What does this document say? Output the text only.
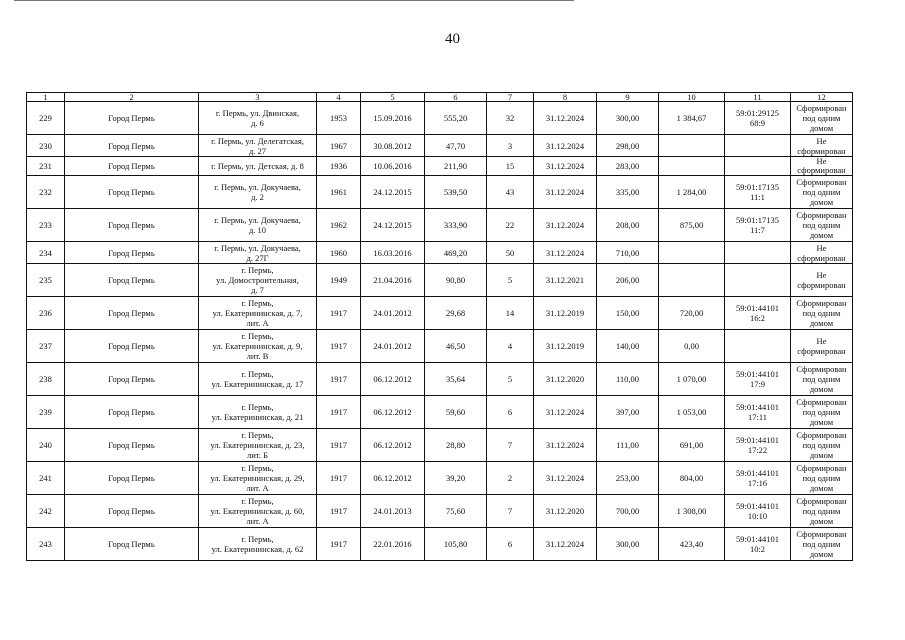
40
1	2	3	4	5	6	7	8	9	10	11	12
229	Город Пермь	г. Пермь, ул. Двинская,
д. 6	1953	15.09.2016	555,20	32	31.12.2024	300,00	1 384,67	59:01:29125
68:9	Сформирован
под одним
домом
230	Город Пермь	г. Пермь, ул. Делегатская,
д. 27	1967	30.08.2012	47,70	3	31.12.2024	298,00			Не сформирован
231	Город Пермь	г. Пермь, ул. Детская, д. 8	1936	10.06.2016	211,90	15	31.12.2024	283,00			Не сформирован
232	Город Пермь	г. Пермь, ул. Докучаева,
д. 2	1961	24.12.2015	539,50	43	31.12.2024	335,00	1 284,00	59:01:17135
11:1	Сформирован
под одним
домом
233	Город Пермь	г. Пермь, ул. Докучаева,
д. 10	1962	24.12.2015	333,90	22	31.12.2024	208,00	875,00	59:01:17135
11:7	Сформирован
под одним
домом
234	Город Пермь	г. Пермь, ул. Докучаева,
д. 27Г	1960	16.03.2016	469,20	50	31.12.2024	710,00			Не сформирован
235	Город Пермь	г. Пермь,
ул. Домостроительная,
д. 7	1949	21.04.2016	90,80	5	31.12.2021	206,00			Не сформирован
236	Город Пермь	г. Пермь,
ул. Екатерининская, д. 7,
лит. А	1917	24.01.2012	29,68	14	31.12.2019	150,00	720,00	59:01:44101
16:2	Сформирован
под одним
домом
237	Город Пермь	г. Пермь,
ул. Екатерининская, д. 9,
лит. В	1917	24.01.2012	46,50	4	31.12.2019	140,00	0,00		Не сформирован
238	Город Пермь	г. Пермь,
ул. Екатерининская, д. 17	1917	06.12.2012	35,64	5	31.12.2020	110,00	1 070,00	59:01:44101
17:9	Сформирован
под одним
домом
239	Город Пермь	г. Пермь,
ул. Екатерининская, д. 21	1917	06.12.2012	59,60	6	31.12.2024	397,00	1 053,00	59:01:44101
17:11	Сформирован
под одним
домом
240	Город Пермь	г. Пермь,
ул. Екатерининская, д. 23,
лит. Б	1917	06.12.2012	28,80	7	31.12.2024	111,00	691,00	59:01:44101
17:22	Сформирован
под одним
домом
241	Город Пермь	г. Пермь,
ул. Екатерининская, д. 29,
лит. А	1917	06.12.2012	39,20	2	31.12.2024	253,00	804,00	59:01:44101
17:16	Сформирован
под одним
домом
242	Город Пермь	г. Пермь,
ул. Екатерининская, д. 60,
лит. А	1917	24.01.2013	75,60	7	31.12.2020	700,00	1 308,00	59:01:44101
10:10	Сформирован
под одним
домом
243	Город Пермь	г. Пермь,
ул. Екатерининская, д. 62	1917	22.01.2016	105,80	6	31.12.2024	300,00	423,40	59:01:44101
10:2	Сформирован
под одним
домом
